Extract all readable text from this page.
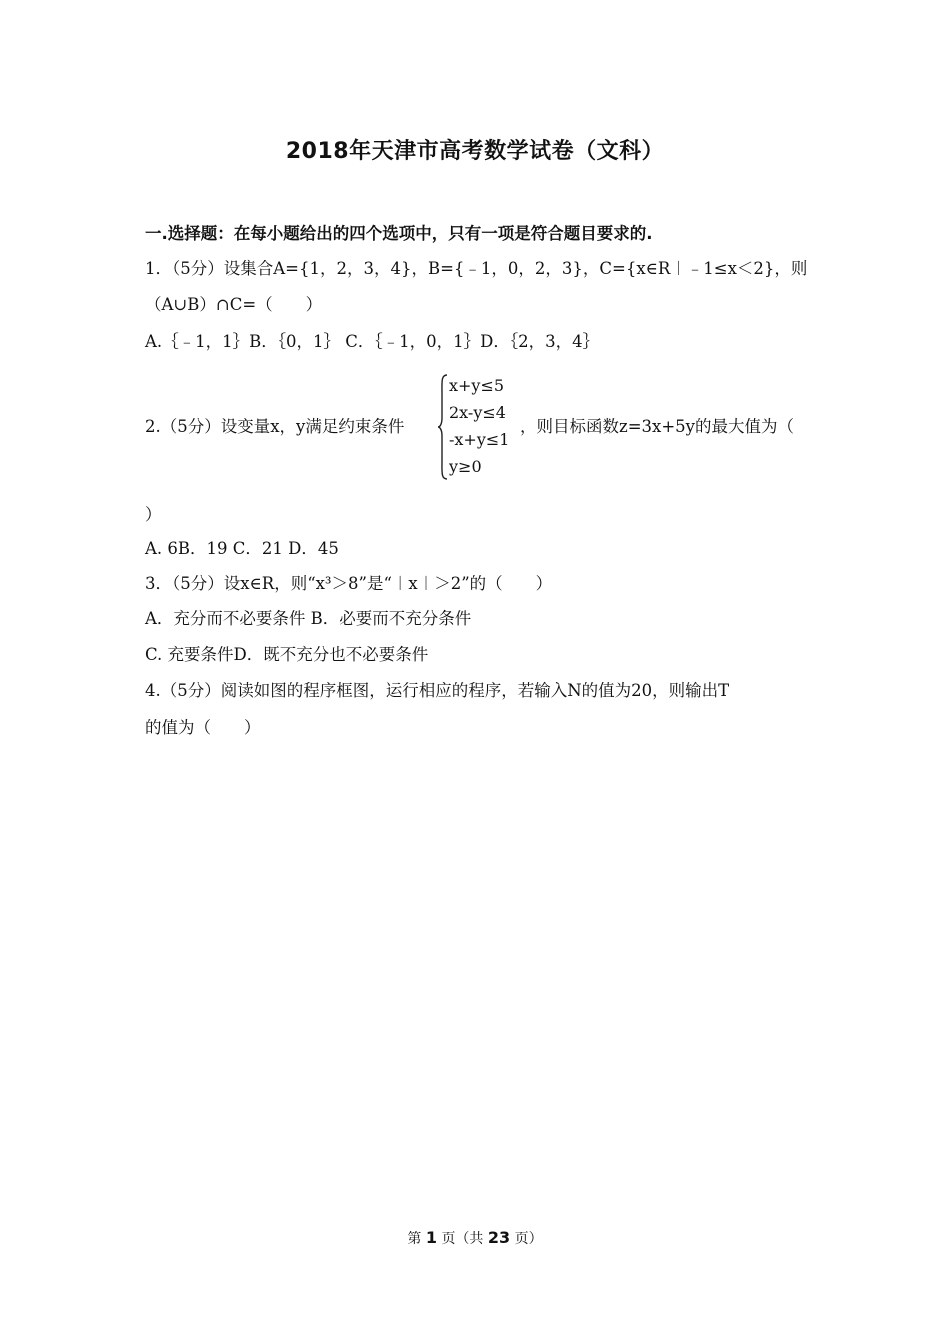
2018年天津市高考数学试卷（文科）
一.选择题：在每小题给出的四个选项中，只有一项是符合题目要求的.
1．（5分）设集合A={1，2，3，4}，B={﹣1，0，2，3}，C={x∈R︱﹣1≤x＜2}，则
（A∪B）∩C=（　　）
A.｛﹣1，1｝B．｛0，1｝ C．｛﹣1，0，1｝D．｛2，3，4｝
2.（5分）设变量x，y满足约束条件
x+y≤5
2x-y≤4
-x+y≤1
y≥0
，则目标函数z=3x+5y的最大值为（
）
A. 6B．19 C．21 D．45
3．（5分）设x∈R，则“x³＞8”是“︱x︱＞2”的（　　）
A．充分而不必要条件 B．必要而不充分条件
C. 充要条件D．既不充分也不必要条件
4.（5分）阅读如图的程序框图，运行相应的程序，若输入N的值为20，则输出T
的值为（　　）
第 1 页（共 23 页）
